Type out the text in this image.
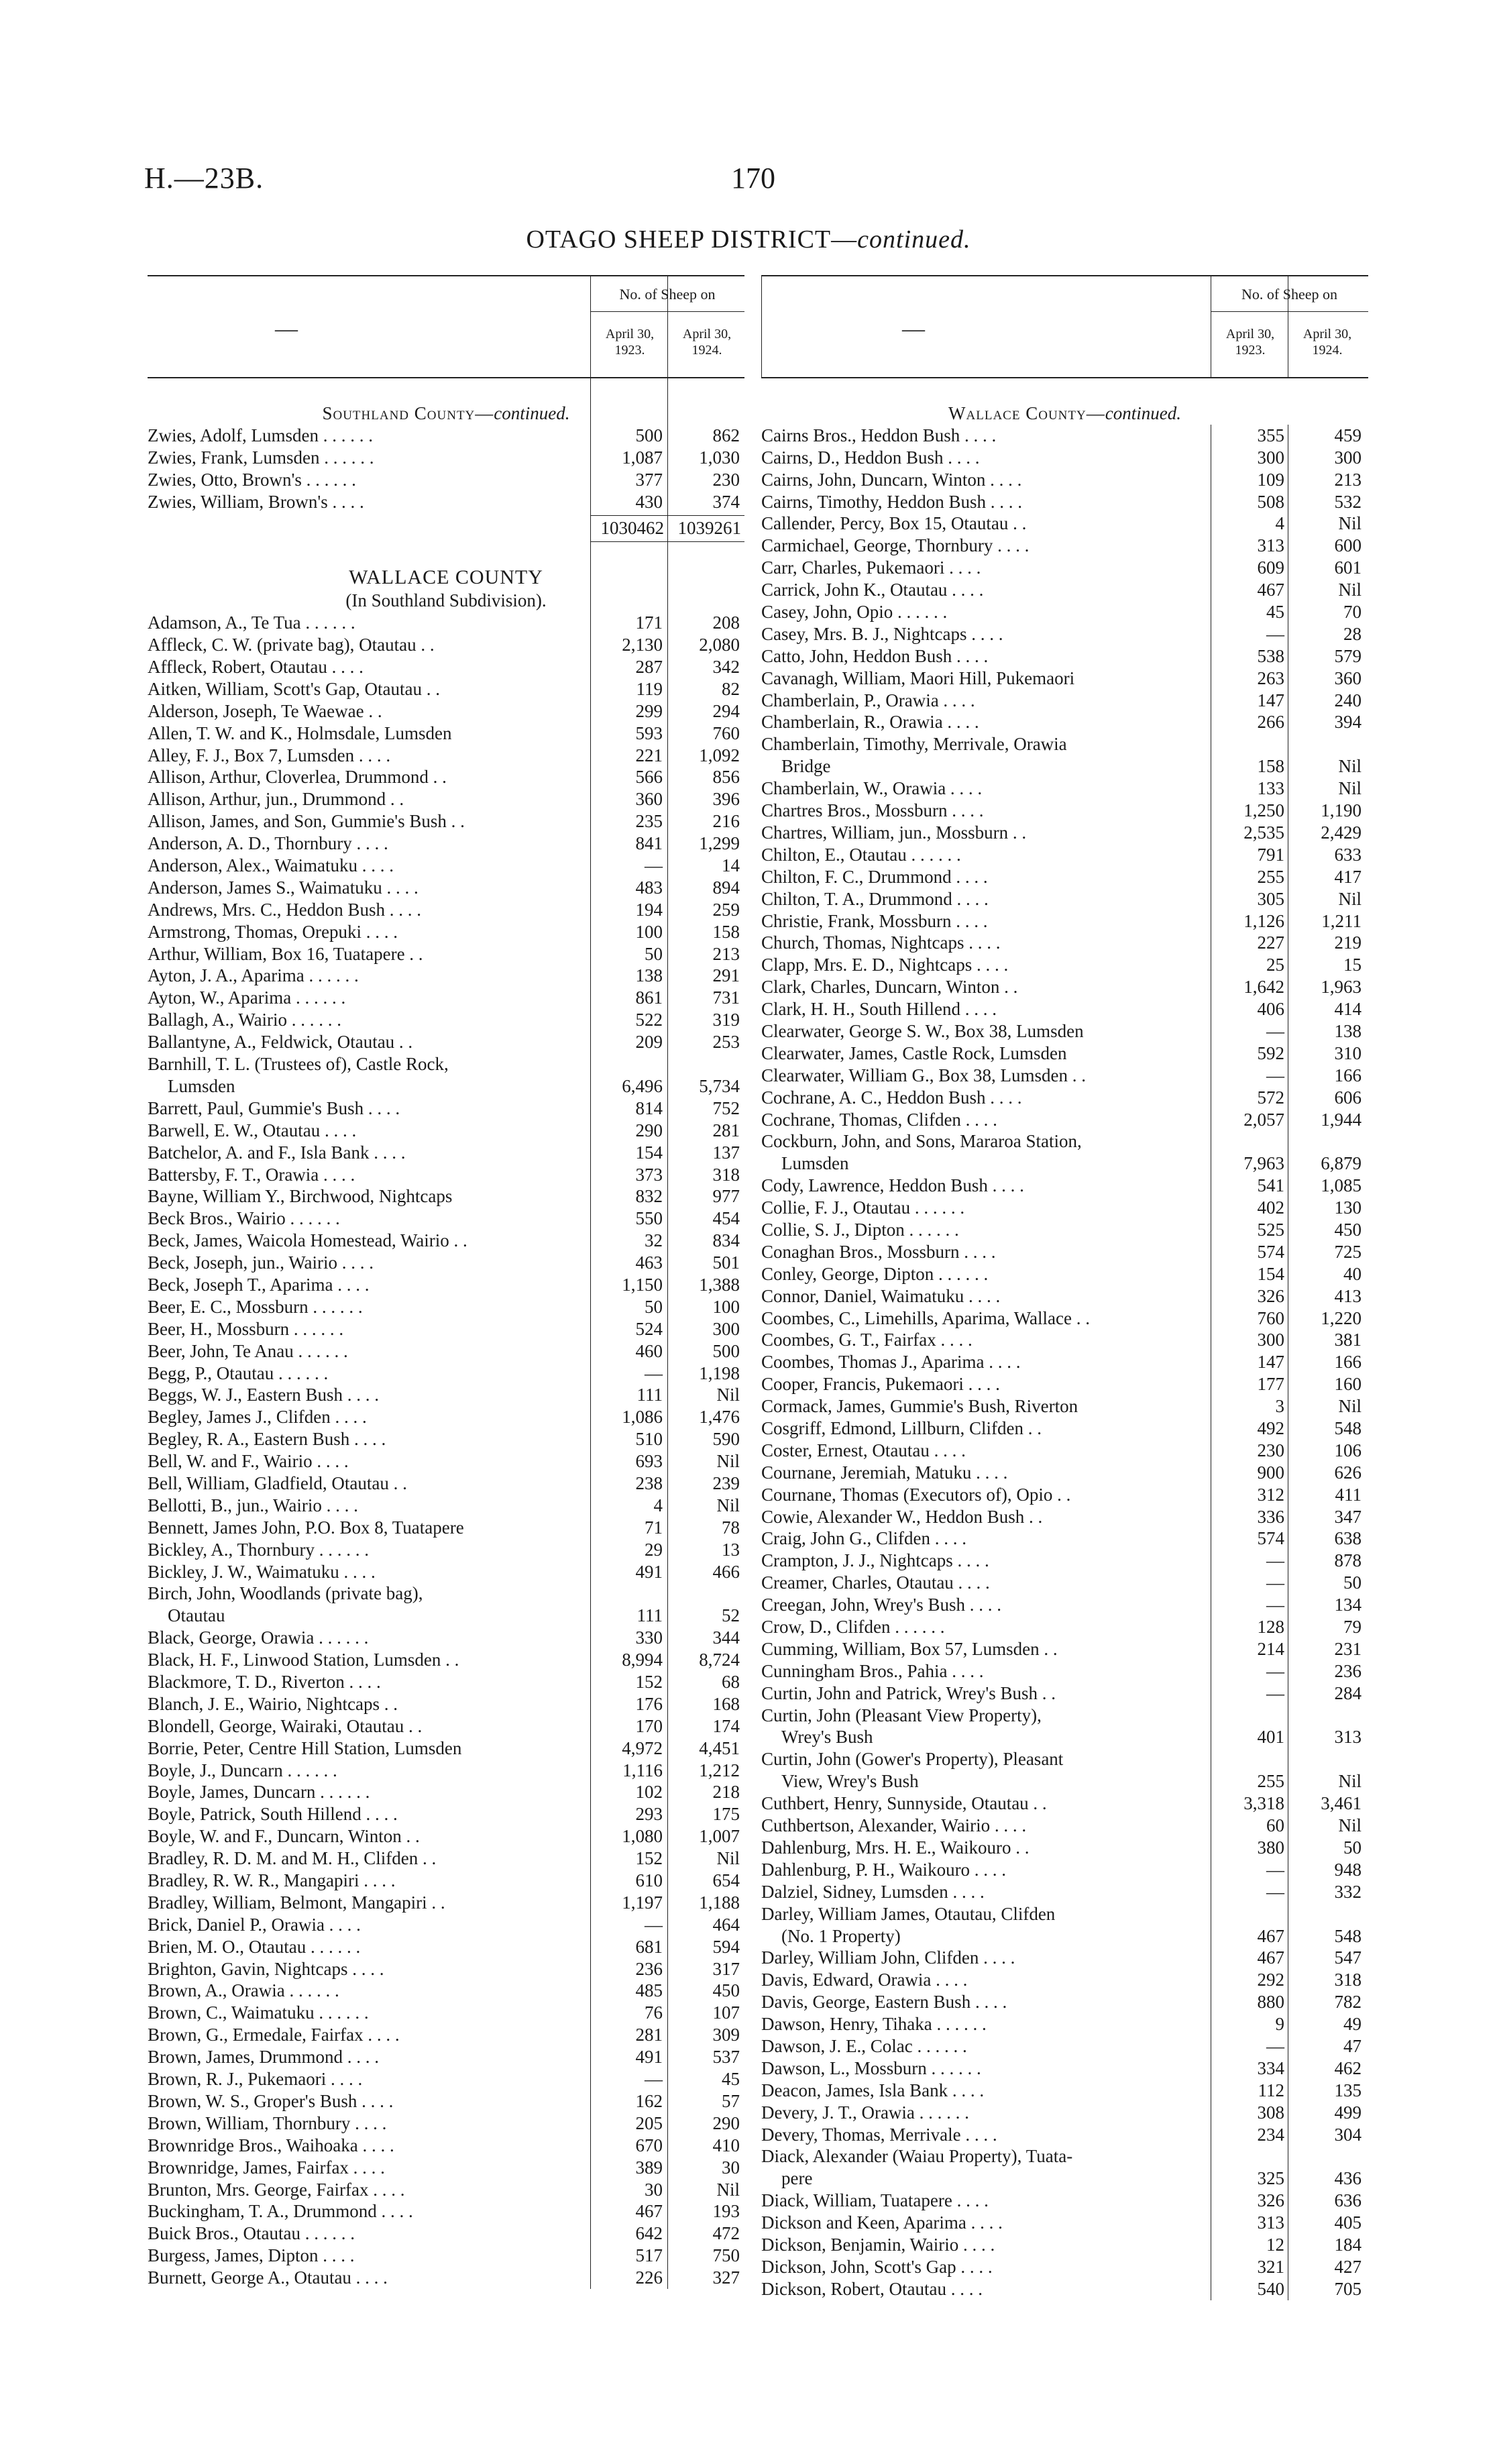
H.—23B.	170
OTAGO SHEEP DISTRICT—continued.
—
No. of Sheep on
April 30, 1923.
April 30, 1924.
Southland County—continued.
Zwies, Adolf, Lumsden . . . . . .	500	862
Zwies, Frank, Lumsden . . . . . .	1,087	1,030
Zwies, Otto, Brown's . . . . . .	377	230
Zwies, William, Brown's . . . .	430	374
1030462 1039261
WALLACE COUNTY
(In Southland Subdivision).
Adamson, A., Te Tua . . . . . .	171	208
Affleck, C. W. (private bag), Otautau . .	2,130	2,080
Affleck, Robert, Otautau . . . .	287	342
Aitken, William, Scott's Gap, Otautau . .	119	82
Alderson, Joseph, Te Waewae . .	299	294
Allen, T. W. and K., Holmsdale, Lumsden	593	760
Alley, F. J., Box 7, Lumsden . . . .	221	1,092
Allison, Arthur, Cloverlea, Drummond . .	566	856
Allison, Arthur, jun., Drummond . .	360	396
Allison, James, and Son, Gummie's Bush . .	235	216
Anderson, A. D., Thornbury . . . .	841	1,299
Anderson, Alex., Waimatuku . . . .	—	14
Anderson, James S., Waimatuku . . . .	483	894
Andrews, Mrs. C., Heddon Bush . . . .	194	259
Armstrong, Thomas, Orepuki . . . .	100	158
Arthur, William, Box 16, Tuatapere . .	50	213
Ayton, J. A., Aparima . . . . . .	138	291
Ayton, W., Aparima . . . . . .	861	731
Ballagh, A., Wairio . . . . . .	522	319
Ballantyne, A., Feldwick, Otautau . .	209	253
Barnhill, T. L. (Trustees of), Castle Rock,
Lumsden	6,496	5,734
Barrett, Paul, Gummie's Bush . . . .	814	752
Barwell, E. W., Otautau . . . .	290	281
Batchelor, A. and F., Isla Bank . . . .	154	137
Battersby, F. T., Orawia . . . .	373	318
Bayne, William Y., Birchwood, Nightcaps	832	977
Beck Bros., Wairio . . . . . .	550	454
Beck, James, Waicola Homestead, Wairio . .	32	834
Beck, Joseph, jun., Wairio . . . .	463	501
Beck, Joseph T., Aparima . . . .	1,150	1,388
Beer, E. C., Mossburn . . . . . .	50	100
Beer, H., Mossburn . . . . . .	524	300
Beer, John, Te Anau . . . . . .	460	500
Begg, P., Otautau . . . . . .	—	1,198
Beggs, W. J., Eastern Bush . . . .	111	Nil
Begley, James J., Clifden . . . .	1,086	1,476
Begley, R. A., Eastern Bush . . . .	510	590
Bell, W. and F., Wairio . . . .	693	Nil
Bell, William, Gladfield, Otautau . .	238	239
Bellotti, B., jun., Wairio . . . .	4	Nil
Bennett, James John, P.O. Box 8, Tuatapere	71	78
Bickley, A., Thornbury . . . . . .	29	13
Bickley, J. W., Waimatuku . . . .	491	466
Birch, John, Woodlands (private bag),
Otautau	111	52
Black, George, Orawia . . . . . .	330	344
Black, H. F., Linwood Station, Lumsden . .	8,994	8,724
Blackmore, T. D., Riverton . . . .	152	68
Blanch, J. E., Wairio, Nightcaps . .	176	168
Blondell, George, Wairaki, Otautau . .	170	174
Borrie, Peter, Centre Hill Station, Lumsden	4,972	4,451
Boyle, J., Duncarn . . . . . .	1,116	1,212
Boyle, James, Duncarn . . . . . .	102	218
Boyle, Patrick, South Hillend . . . .	293	175
Boyle, W. and F., Duncarn, Winton . .	1,080	1,007
Bradley, R. D. M. and M. H., Clifden . .	152	Nil
Bradley, R. W. R., Mangapiri . . . .	610	654
Bradley, William, Belmont, Mangapiri . .	1,197	1,188
Brick, Daniel P., Orawia . . . .	—	464
Brien, M. O., Otautau . . . . . .	681	594
Brighton, Gavin, Nightcaps . . . .	236	317
Brown, A., Orawia . . . . . .	485	450
Brown, C., Waimatuku . . . . . .	76	107
Brown, G., Ermedale, Fairfax . . . .	281	309
Brown, James, Drummond . . . .	491	537
Brown, R. J., Pukemaori . . . .	—	45
Brown, W. S., Groper's Bush . . . .	162	57
Brown, William, Thornbury . . . .	205	290
Brownridge Bros., Waihoaka . . . .	670	410
Brownridge, James, Fairfax . . . .	389	30
Brunton, Mrs. George, Fairfax . . . .	30	Nil
Buckingham, T. A., Drummond . . . .	467	193
Buick Bros., Otautau . . . . . .	642	472
Burgess, James, Dipton . . . .	517	750
Burnett, George A., Otautau . . . .	226	327
—
No. of Sheep on
April 30, 1923.
April 30, 1924.
Wallace County—continued.
Cairns Bros., Heddon Bush . . . .	355	459
Cairns, D., Heddon Bush . . . .	300	300
Cairns, John, Duncarn, Winton . . . .	109	213
Cairns, Timothy, Heddon Bush . . . .	508	532
Callender, Percy, Box 15, Otautau . .	4	Nil
Carmichael, George, Thornbury . . . .	313	600
Carr, Charles, Pukemaori . . . .	609	601
Carrick, John K., Otautau . . . .	467	Nil
Casey, John, Opio . . . . . .	45	70
Casey, Mrs. B. J., Nightcaps . . . .	—	28
Catto, John, Heddon Bush . . . .	538	579
Cavanagh, William, Maori Hill, Pukemaori	263	360
Chamberlain, P., Orawia . . . .	147	240
Chamberlain, R., Orawia . . . .	266	394
Chamberlain, Timothy, Merrivale, Orawia
Bridge	158	Nil
Chamberlain, W., Orawia . . . .	133	Nil
Chartres Bros., Mossburn . . . .	1,250	1,190
Chartres, William, jun., Mossburn . .	2,535	2,429
Chilton, E., Otautau . . . . . .	791	633
Chilton, F. C., Drummond . . . .	255	417
Chilton, T. A., Drummond . . . .	305	Nil
Christie, Frank, Mossburn . . . .	1,126	1,211
Church, Thomas, Nightcaps . . . .	227	219
Clapp, Mrs. E. D., Nightcaps . . . .	25	15
Clark, Charles, Duncarn, Winton . .	1,642	1,963
Clark, H. H., South Hillend . . . .	406	414
Clearwater, George S. W., Box 38, Lumsden	—	138
Clearwater, James, Castle Rock, Lumsden	592	310
Clearwater, William G., Box 38, Lumsden . .	—	166
Cochrane, A. C., Heddon Bush . . . .	572	606
Cochrane, Thomas, Clifden . . . .	2,057	1,944
Cockburn, John, and Sons, Mararoa Station,
Lumsden	7,963	6,879
Cody, Lawrence, Heddon Bush . . . .	541	1,085
Collie, F. J., Otautau . . . . . .	402	130
Collie, S. J., Dipton . . . . . .	525	450
Conaghan Bros., Mossburn . . . .	574	725
Conley, George, Dipton . . . . . .	154	40
Connor, Daniel, Waimatuku . . . .	326	413
Coombes, C., Limehills, Aparima, Wallace . .	760	1,220
Coombes, G. T., Fairfax . . . .	300	381
Coombes, Thomas J., Aparima . . . .	147	166
Cooper, Francis, Pukemaori . . . .	177	160
Cormack, James, Gummie's Bush, Riverton	3	Nil
Cosgriff, Edmond, Lillburn, Clifden . .	492	548
Coster, Ernest, Otautau . . . .	230	106
Cournane, Jeremiah, Matuku . . . .	900	626
Cournane, Thomas (Executors of), Opio . .	312	411
Cowie, Alexander W., Heddon Bush . .	336	347
Craig, John G., Clifden . . . .	574	638
Crampton, J. J., Nightcaps . . . .	—	878
Creamer, Charles, Otautau . . . .	—	50
Creegan, John, Wrey's Bush . . . .	—	134
Crow, D., Clifden . . . . . .	128	79
Cumming, William, Box 57, Lumsden . .	214	231
Cunningham Bros., Pahia . . . .	—	236
Curtin, John and Patrick, Wrey's Bush . .	—	284
Curtin, John (Pleasant View Property),
Wrey's Bush	401	313
Curtin, John (Gower's Property), Pleasant
View, Wrey's Bush	255	Nil
Cuthbert, Henry, Sunnyside, Otautau . .	3,318	3,461
Cuthbertson, Alexander, Wairio . . . .	60	Nil
Dahlenburg, Mrs. H. E., Waikouro . .	380	50
Dahlenburg, P. H., Waikouro . . . .	—	948
Dalziel, Sidney, Lumsden . . . .	—	332
Darley, William James, Otautau, Clifden
(No. 1 Property)	467	548
Darley, William John, Clifden . . . .	467	547
Davis, Edward, Orawia . . . .	292	318
Davis, George, Eastern Bush . . . .	880	782
Dawson, Henry, Tihaka . . . . . .	9	49
Dawson, J. E., Colac . . . . . .	—	47
Dawson, L., Mossburn . . . . . .	334	462
Deacon, James, Isla Bank . . . .	112	135
Devery, J. T., Orawia . . . . . .	308	499
Devery, Thomas, Merrivale . . . .	234	304
Diack, Alexander (Waiau Property), Tuata-
pere	325	436
Diack, William, Tuatapere . . . .	326	636
Dickson and Keen, Aparima . . . .	313	405
Dickson, Benjamin, Wairio . . . .	12	184
Dickson, John, Scott's Gap . . . .	321	427
Dickson, Robert, Otautau . . . .	540	705
